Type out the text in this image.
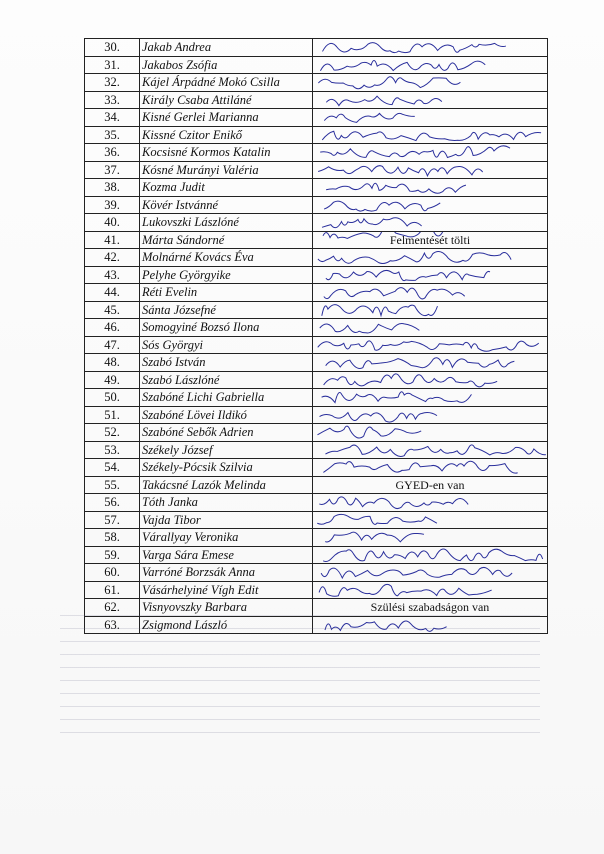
30.	Jakab Andrea	

31.	Jakabos Zsófia	

32.	Kájel Árpádné Mokó Csilla	

33.	Király Csaba Attiláné	

34.	Kisné Gerlei Marianna	

35.	Kissné Czitor Enikő	

36.	Kocsisné Kormos Katalin	

37.	Kósné Murányi Valéria	

38.	Kozma Judit	

39.	Kövér Istvánné	

40.	Lukovszki Lászlóné	

41.	Márta Sándorné	Felmentését tölti

42.	Molnárné Kovács Éva	

43.	Pelyhe Györgyike	

44.	Réti Evelin	

45.	Sánta Józsefné	

46.	Somogyiné Bozsó Ilona	

47.	Sós Györgyi	

48.	Szabó István	

49.	Szabó Lászlóné	

50.	Szabóné Lichi Gabriella	

51.	Szabóné Lövei Ildikó	

52.	Szabóné Sebők Adrien	

53.	Székely József	

54.	Székely-Pócsik Szilvia	

55.	Takácsné Lazók Melinda	GYED-en van

56.	Tóth Janka	

57.	Vajda Tibor	

58.	Várallyay Veronika	

59.	Varga Sára Emese	

60.	Varróné Borzsák Anna	

61.	Vásárhelyiné Vígh Edit	

62.	Visnyovszky Barbara	Szülési szabadságon van

63.	Zsigmond László	
